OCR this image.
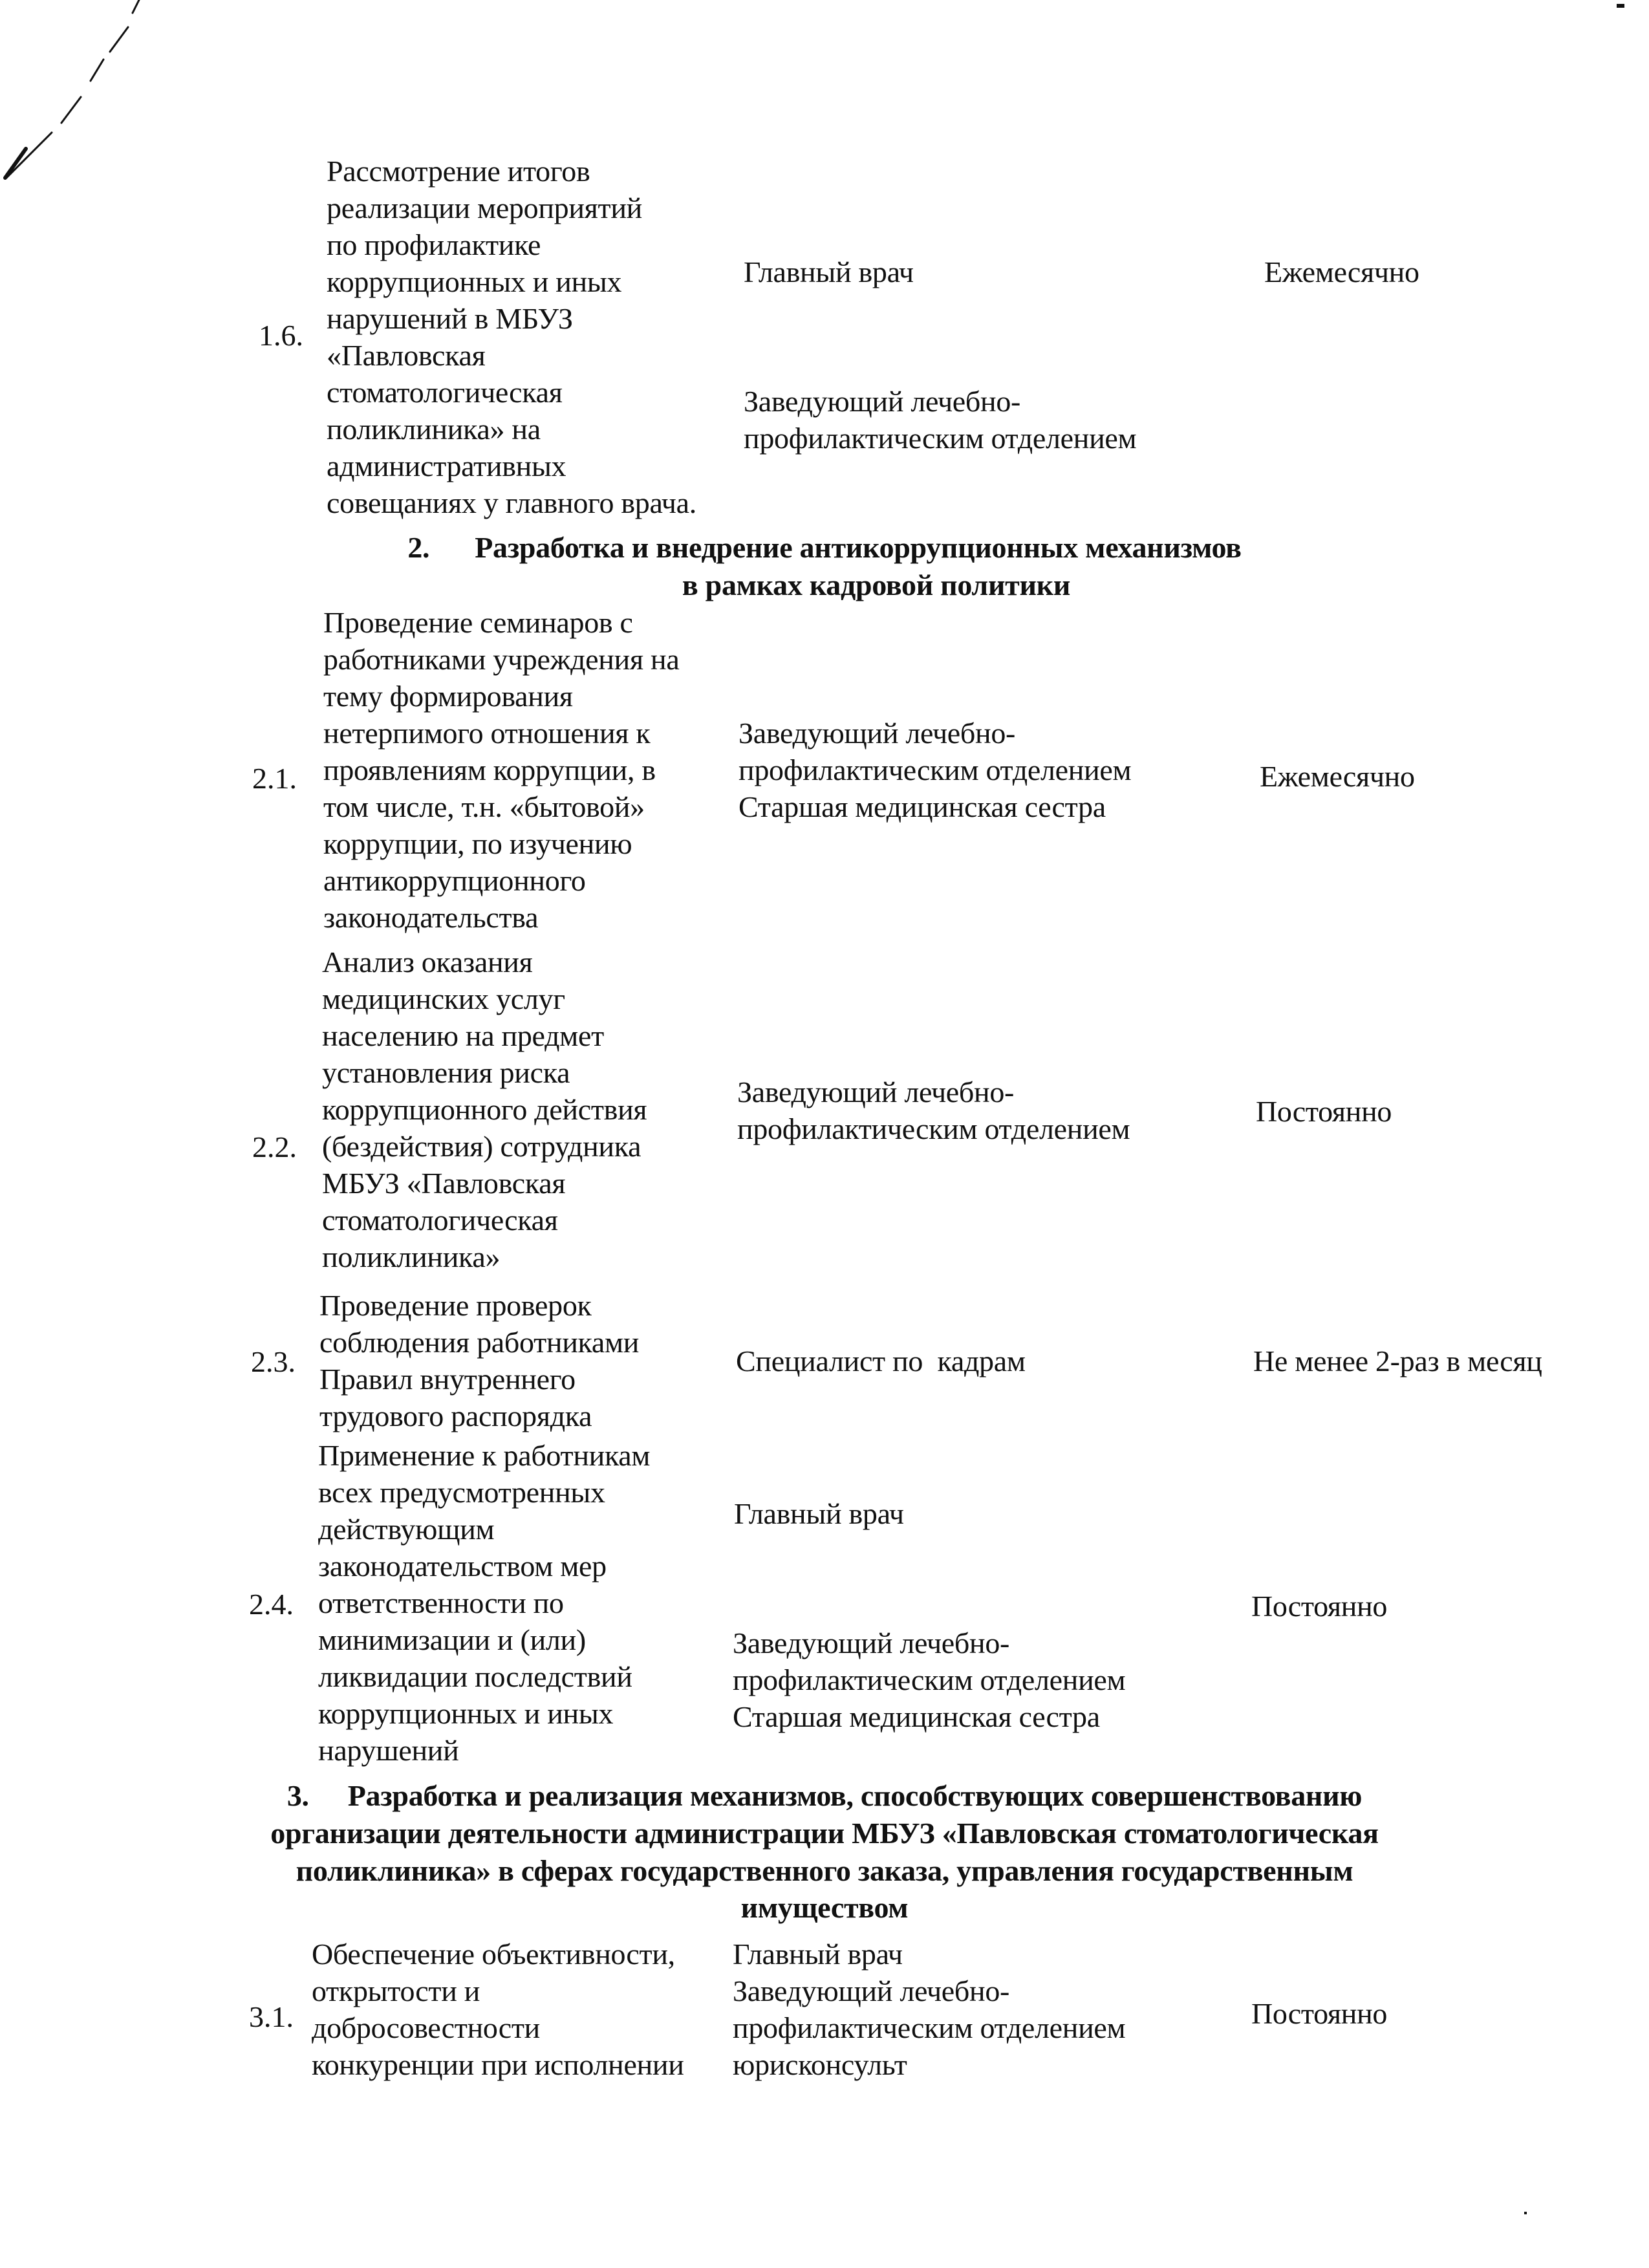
1.6.
Рассмотрение итогов
реализации мероприятий
по профилактике
коррупционных и иных
нарушений в МБУЗ
«Павловская
стоматологическая
поликлиника» на
административных
совещаниях у главного врача.
Главный врач
Заведующий лечебно-
профилактическим отделением
Ежемесячно
2. Разработка и внедрение антикоррупционных механизмов
в рамках кадровой политики
2.1.
Проведение семинаров с
работниками учреждения на
тему формирования
нетерпимого отношения к
проявлениям коррупции, в
том числе, т.н. «бытовой»
коррупции, по изучению
антикоррупционного
законодательства
Заведующий лечебно-
профилактическим отделением
Старшая медицинская сестра
Ежемесячно
2.2.
Анализ оказания
медицинских услуг
населению на предмет
установления риска
коррупционного действия
(бездействия) сотрудника
МБУЗ «Павловская
стоматологическая
поликлиника»
Заведующий лечебно-
профилактическим отделением
Постоянно
2.3.
Проведение проверок
соблюдения работниками
Правил внутреннего
трудового распорядка
Специалист по  кадрам	Не менее 2-раз в месяц
2.4.
Применение к работникам
всех предусмотренных
действующим
законодательством мер
ответственности по
минимизации и (или)
ликвидации последствий
коррупционных и иных
нарушений
Главный врач
Заведующий лечебно-
профилактическим отделением
Старшая медицинская сестра
Постоянно
3. Разработка и реализация механизмов, способствующих совершенствованию
организации деятельности администрации МБУЗ «Павловская стоматологическая
поликлиника» в сферах государственного заказа, управления государственным
имуществом
3.1.
Обеспечение объективности,
открытости и
добросовестности
конкуренции при исполнении
Главный врач
Заведующий лечебно-
профилактическим отделением
юрисконсульт
Постоянно
